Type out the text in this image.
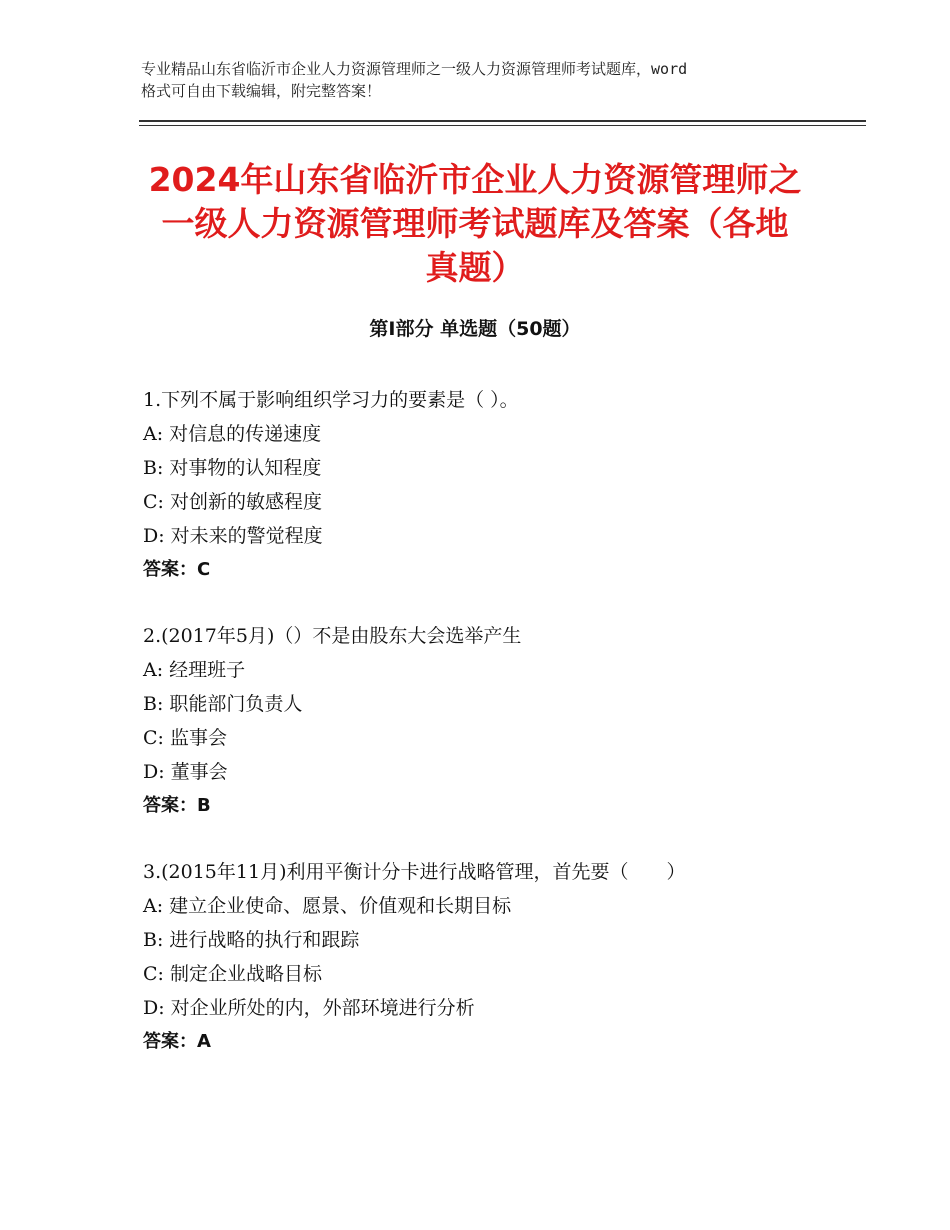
专业精品山东省临沂市企业人力资源管理师之一级人力资源管理师考试题库，word
格式可自由下载编辑，附完整答案！
2024年山东省临沂市企业人力资源管理师之
一级人力资源管理师考试题库及答案（各地
真题）
第Ⅰ部分 单选题（50题）
1.下列不属于影响组织学习力的要素是（ ）。
A: 对信息的传递速度
B: 对事物的认知程度
C: 对创新的敏感程度
D: 对未来的警觉程度
答案：C
2.(2017年5月)（）不是由股东大会选举产生
A: 经理班子
B: 职能部门负责人
C: 监事会
D: 董事会
答案：B
3.(2015年11月)利用平衡计分卡进行战略管理，首先要（　　）
A: 建立企业使命、愿景、价值观和长期目标
B: 进行战略的执行和跟踪
C: 制定企业战略目标
D: 对企业所处的内，外部环境进行分析
答案：A
